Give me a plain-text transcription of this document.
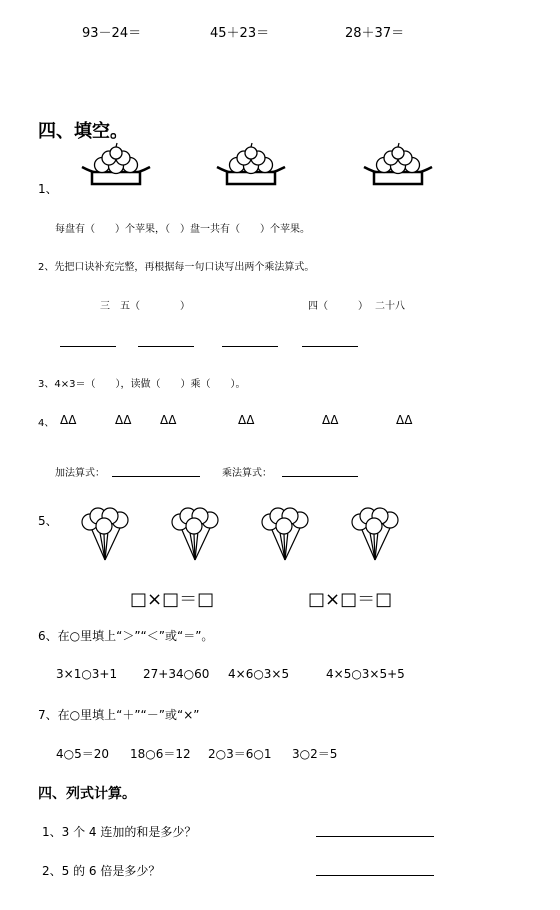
93－24＝	45＋23＝	28＋37＝
四、填空。
1、
每盘有（　　）个苹果，（　）盘一共有（　　）个苹果。
2、先把口诀补充完整，再根据每一句口诀写出两个乘法算式。
三　五（　　　　）	四（　　　） 二十八
3、4×3＝（　　），读做（　　）乘（　　）。
4、 ΔΔ	ΔΔ ΔΔ	ΔΔ	ΔΔ	ΔΔ
加法算式：	乘法算式：
5、
□×□＝□	□×□＝□
6、在○里填上“＞”“＜”或“＝”。
3×1○3+1 27+34○60 4×6○3×5	4×5○3×5+5
7、在○里填上“＋”“－”或“×”
4○5＝20 18○6＝12 2○3＝6○1 3○2＝5
四、列式计算。
1、3 个 4 连加的和是多少？
2、5 的 6 倍是多少？
